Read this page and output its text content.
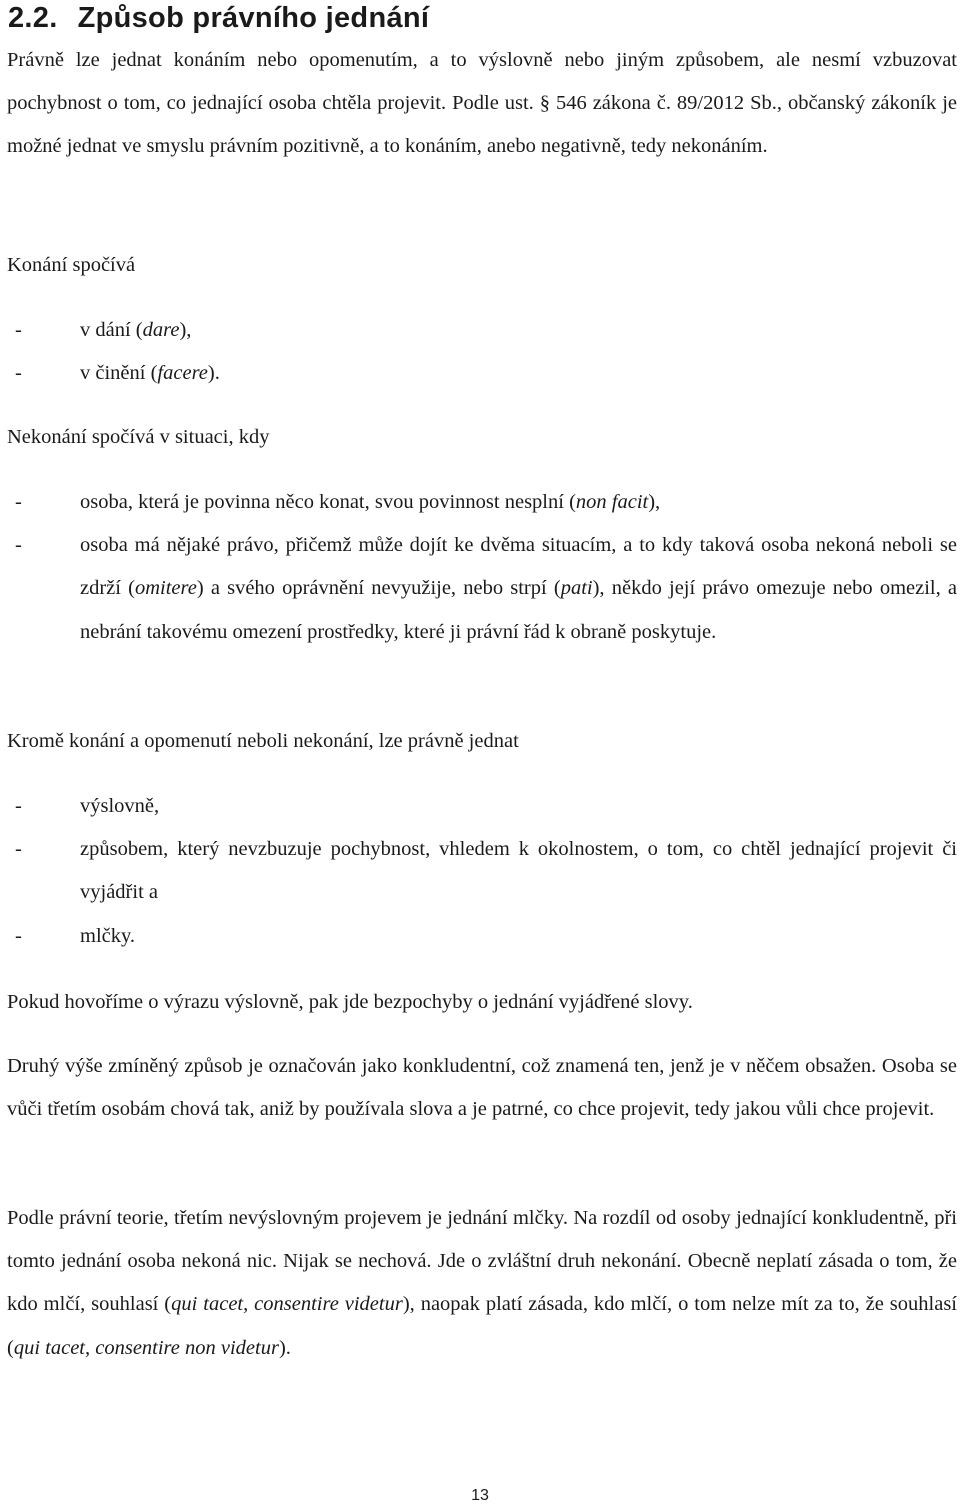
2.2. Způsob právního jednání

Právně lze jednat konáním nebo opomenutím, a to výslovně nebo jiným způsobem, ale nesmí vzbuzovat pochybnost o tom, co jednající osoba chtěla projevit. Podle ust. § 546 zákona č. 89/2012 Sb., občanský zákoník je možné jednat ve smyslu právním pozitivně, a to konáním, anebo negativně, tedy nekonáním.

Konání spočívá

-	v dání (dare),
-	v činění (facere).

Nekonání spočívá v situaci, kdy

-	osoba, která je povinna něco konat, svou povinnost nesplní (non facit),
-	osoba má nějaké právo, přičemž může dojít ke dvěma situacím, a to kdy taková osoba nekoná neboli se zdrží (omitere) a svého oprávnění nevyužije, nebo strpí (pati), někdo její právo omezuje nebo omezil, a nebrání takovému omezení prostředky, které ji právní řád k obraně poskytuje.

Kromě konání a opomenutí neboli nekonání, lze právně jednat

-	výslovně,
-	způsobem, který nevzbuzuje pochybnost, vhledem k okolnostem, o tom, co chtěl jednající projevit či vyjádřit a
-	mlčky.

Pokud hovoříme o výrazu výslovně, pak jde bezpochyby o jednání vyjádřené slovy.

Druhý výše zmíněný způsob je označován jako konkludentní, což znamená ten, jenž je v něčem obsažen. Osoba se vůči třetím osobám chová tak, aniž by používala slova a je patrné, co chce projevit, tedy jakou vůli chce projevit.

Podle právní teorie, třetím nevýslovným projevem je jednání mlčky. Na rozdíl od osoby jednající konkludentně, při tomto jednání osoba nekoná nic. Nijak se nechová. Jde o zvláštní druh nekonání. Obecně neplatí zásada o tom, že kdo mlčí, souhlasí (qui tacet, consentire videtur), naopak platí zásada, kdo mlčí, o tom nelze mít za to, že souhlasí (qui tacet, consentire non videtur).

13
